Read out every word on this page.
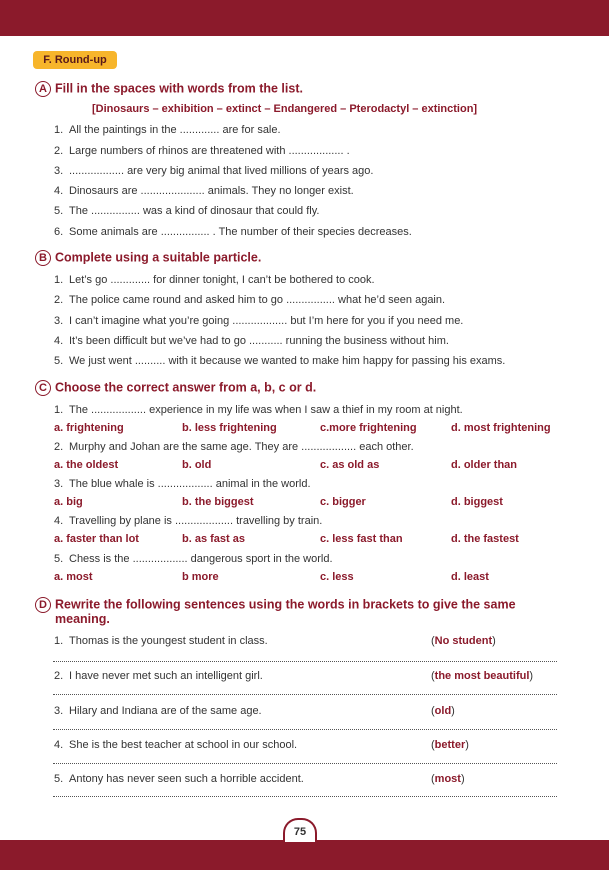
F. Round-up
A Fill in the spaces with words from the list.
[Dinosaurs – exhibition – extinct – Endangered – Pterodactyl – extinction]
1. All the paintings in the ............. are for sale.
2. Large numbers of rhinos are threatened with .................. .
3. .................. are very big animal that lived millions of years ago.
4. Dinosaurs are ..................... animals. They no longer exist.
5. The ................ was a kind of dinosaur that could fly.
6. Some animals are ................ . The number of their species decreases.
B Complete using a suitable particle.
1. Let’s go ............. for dinner tonight, I can’t be bothered to cook.
2. The police came round and asked him to go ................ what he’d seen again.
3. I can’t imagine what you’re going .................. but I’m here for you if you need me.
4. It’s been difficult but we’ve had to go ........... running the business without him.
5. We just went .......... with it because we wanted to make him happy for passing his exams.
C Choose the correct answer from a, b, c or d.
1. The .................. experience in my life was when I saw a thief in my room at night.
a. frightening	b. less frightening	c.more frightening	d. most frightening
2. Murphy and Johan are the same age. They are .................. each other.
a. the oldest	b. old	c. as old as	d. older than
3. The blue whale is .................. animal in the world.
a. big	b. the biggest	c. bigger	d. biggest
4. Travelling by plane is ................... travelling by train.
a. faster than lot	b. as fast as	c. less fast than	d. the fastest
5. Chess is the .................. dangerous sport in the world.
a. most	b more	c. less	d. least
D Rewrite the following sentences using the words in brackets to give the same
meaning.
1. Thomas is the youngest student in class.	(No student)
2. I have never met such an intelligent girl.	(the most beautiful)
3. Hilary and Indiana are of the same age.	(old)
4. She is the best teacher at school in our school.	(better)
5. Antony has never seen such a horrible accident.	(most)
75
